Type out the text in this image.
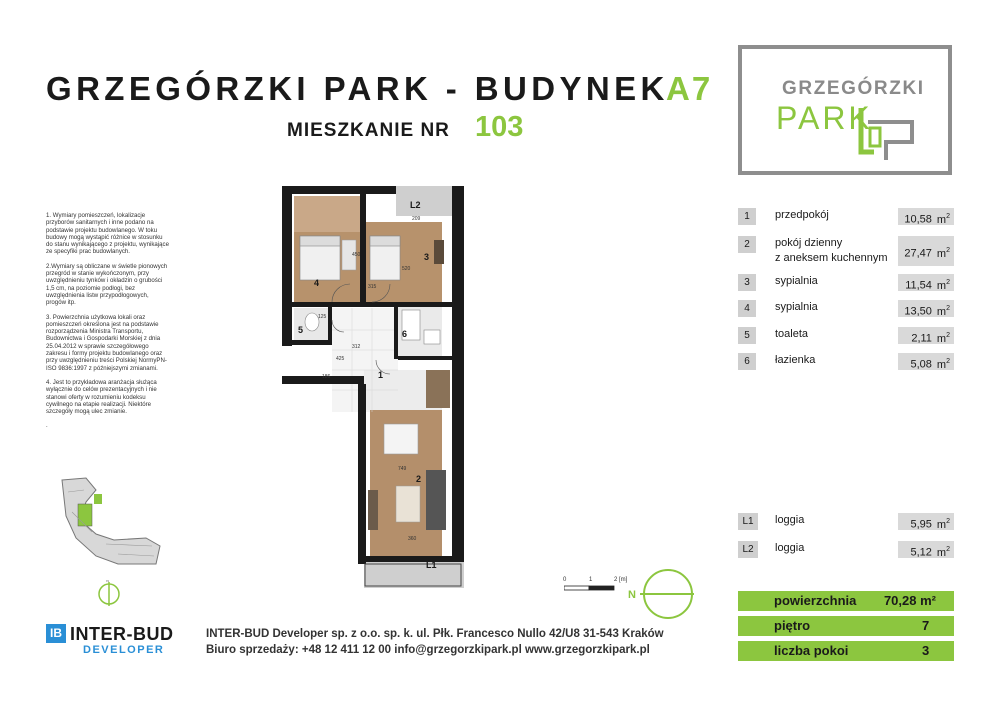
GRZEGÓRZKI PARK - BUDYNEK
A7
MIESZKANIE NR 103
GRZEGÓRZKI
PARK

1. Wymiary pomieszczeń, lokalizacje przyborów sanitarnych i inne podano na podstawie projektu budowlanego. W toku budowy mogą wystąpić różnice w stosunku do stanu wynikającego z projektu, wynikające ze specyfiki prac budowlanych.

2.Wymiary są obliczane w świetle pionowych przegród w stanie wykończonym, przy uwzględnieniu tynków i okładzin o grubości 1,5 cm, na poziomie podłogi, bez uwzględnienia listw przypodłogowych, progów itp.

3. Powierzchnia użytkowa lokali oraz pomieszczeń określona jest na podstawie rozporządzenia Ministra Transportu, Budownictwa i Gospodarki Morskiej z dnia 25.04.2012 w sprawie szczegółowego zakresu i formy projektu budowlanego oraz przy uwzględnieniu treści Polskiej NormyPN-ISO 9836:1997 z późniejszymi zmianami.

4. Jest to przykładowa aranżacja służąca wyłącznie do celów prezentacyjnych i nie stanowi oferty w rozumieniu kodeksu cywilnego na etapie realizacji. Niektóre szczegóły mogą ulec zmianie.

.

N
1
2
3
4
5	6
L1
L2
450
520
315
125
312
425
186
749
360
209	1	przedpokój	10,58 $m^2$
2	pokój dzienny
z aneksem kuchennym	27,47 $m^2$
3	sypialnia	11,54 $m^2$
4	sypialnia	13,50 $m^2$
5	toaleta	2,11 $m^2$
6	łazienka	5,08 $m^2$
L1	loggia	5,95 $m^2$
L2	loggia	5,12 $m^2$
powierzchnia 70,28 m²
piętro	7
liczba pokoi	3
0	1	2 [m]
N
IB INTER-BUD
DEVELOPER
INTER-BUD Developer sp. z o.o. sp. k. ul. Płk. Francesco Nullo 42/U8 31-543 Kraków
Biuro sprzedaży: +48 12 411 12 00 info@grzegorzkipark.pl www.grzegorzkipark.pl
